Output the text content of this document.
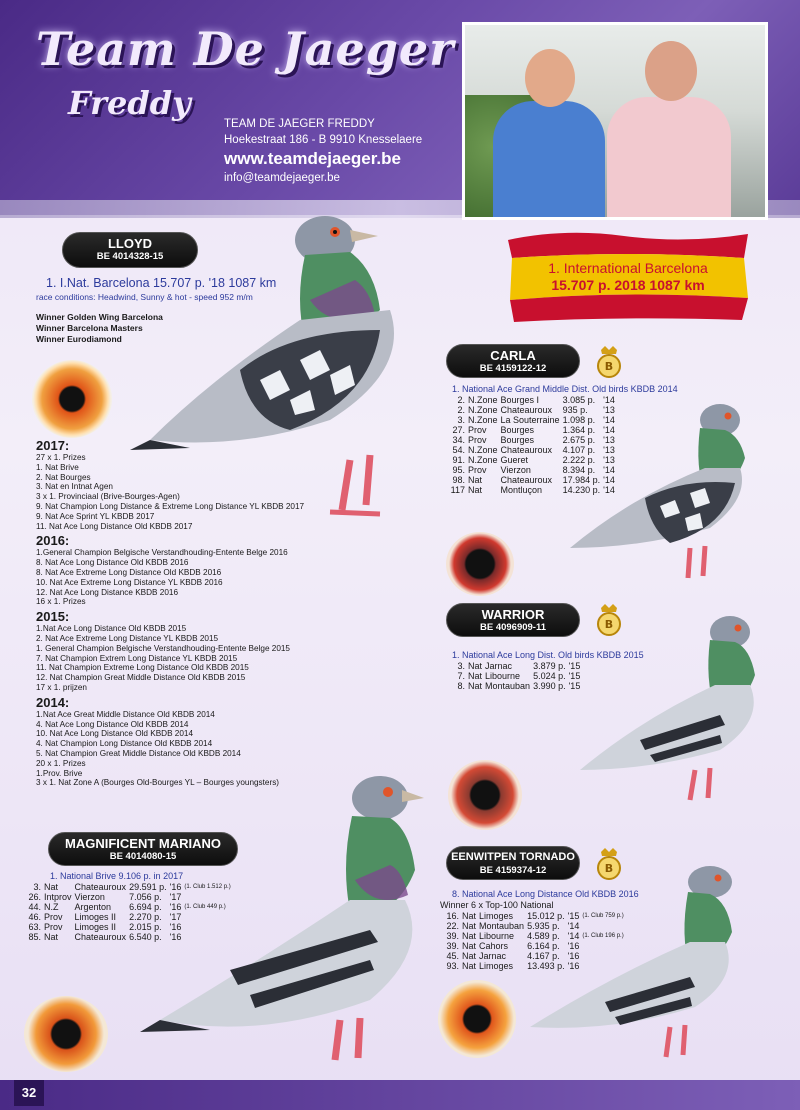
Team De Jaeger
Freddy
TEAM DE JAEGER FREDDY
Hoekestraat 186 - B 9910 Knesselaere
www.teamdejaeger.be
info@teamdejaeger.be
1. International Barcelona
15.707 p. 2018 1087 km
LLOYD
BE 4014328-15
1. I.Nat. Barcelona 15.707 p. '18 1087 km
race conditions: Headwind, Sunny & hot - speed 952 m/m
Winner Golden Wing Barcelona
Winner Barcelona Masters
Winner Eurodiamond
2017:
27 x 1. Prizes
1. Nat Brive
2. Nat Bourges
3. Nat en Intnat Agen
3 x 1. Provinciaal (Brive-Bourges-Agen)
9. Nat Champion Long Distance & Extreme Long Distance YL KBDB 2017
9. Nat Ace Sprint YL KBDB 2017
11. Nat Ace Long Distance Old KBDB 2017
2016:
1.General Champion Belgische Verstandhouding-Entente Belge 2016
8. Nat Ace Long Distance Old KBDB 2016
8. Nat Ace Extreme Long Distance Old KBDB 2016
10. Nat Ace Extreme Long Distance YL KBDB 2016
12. Nat Ace Long Distance KBDB 2016
16 x 1. Prizes
2015:
1.Nat Ace Long Distance Old KBDB 2015
2. Nat Ace Extreme Long Distance YL KBDB 2015
1. General Champion Belgische Verstandhouding-Entente Belge 2015
7. Nat Champion Extrem Long Distance YL KBDB 2015
11. Nat Champion Extreme Long Distance Old KBDB 2015
12. Nat Champion Great Middle Distance Old KBDB 2015
17 x 1. prijzen
2014:
1.Nat Ace Great Middle Distance Old KBDB 2014
4. Nat Ace Long Distance Old KBDB 2014
10. Nat Ace Long Distance Old KBDB 2014
4. Nat Champion Long Distance Old KBDB 2014
5. Nat Champion Great Middle Distance Old KBDB 2014
20 x 1. Prizes
1.Prov. Brive
3 x 1. Nat Zone A (Bourges Old-Bourges YL – Bourges youngsters)
CARLA
BE 4159122-12	B
1. National Ace Grand Middle Dist. Old birds KBDB 2014
2.	N.Zone	Bourges I	3.085 p.	'14
2.	N.Zone	Chateauroux	935 p.	'13
3.	N.Zone	La Souterraine	1.098 p.	'14
27.	Prov	Bourges	1.364 p.	'14
34.	Prov	Bourges	2.675 p.	'13
54.	N.Zone	Chateauroux	4.107 p.	'13
91.	N.Zone	Gueret	2.222 p.	'13
95.	Prov	Vierzon	8.394 p.	'14
98.	Nat	Chateauroux	17.984 p.	'14
117	Nat	Montluçon	14.230 p.	'14
WARRIOR
BE 4096909-11	B
1. National Ace Long Dist. Old birds KBDB 2015
3.	Nat	Jarnac	3.879 p.	'15
7.	Nat	Libourne	5.024 p.	'15
8.	Nat	Montauban	3.990 p.	'15
MAGNIFICENT MARIANO
BE 4014080-15
1. National Brive 9.106 p. in 2017
3.	Nat	Chateauroux	29.591 p.	'16	(1. Club 1.512 p.)
26.	Intprov	Vierzon	7.056 p.	'17	
44.	N.Z	Argenton	6.694 p.	'16	(1. Club 449 p.)
46.	Prov	Limoges II	2.270 p.	'17	
63.	Prov	Limoges II	2.015 p.	'16	
85.	Nat	Chateauroux	6.540 p.	'16	
EENWITPEN TORNADO
BE 4159374-12	B
8. National Ace Long Distance Old KBDB 2016
Winner 6 x Top-100 National
16.	Nat	Limoges	15.012 p.	'15	(1. Club 759 p.)
22.	Nat	Montauban	5.935 p.	'14	
39.	Nat	Libourne	4.589 p.	'14	(1. Club 196 p.)
39.	Nat	Cahors	6.164 p.	'16	
45.	Nat	Jarnac	4.167 p.	'16	
93.	Nat	Limoges	13.493 p.	'16	
32
